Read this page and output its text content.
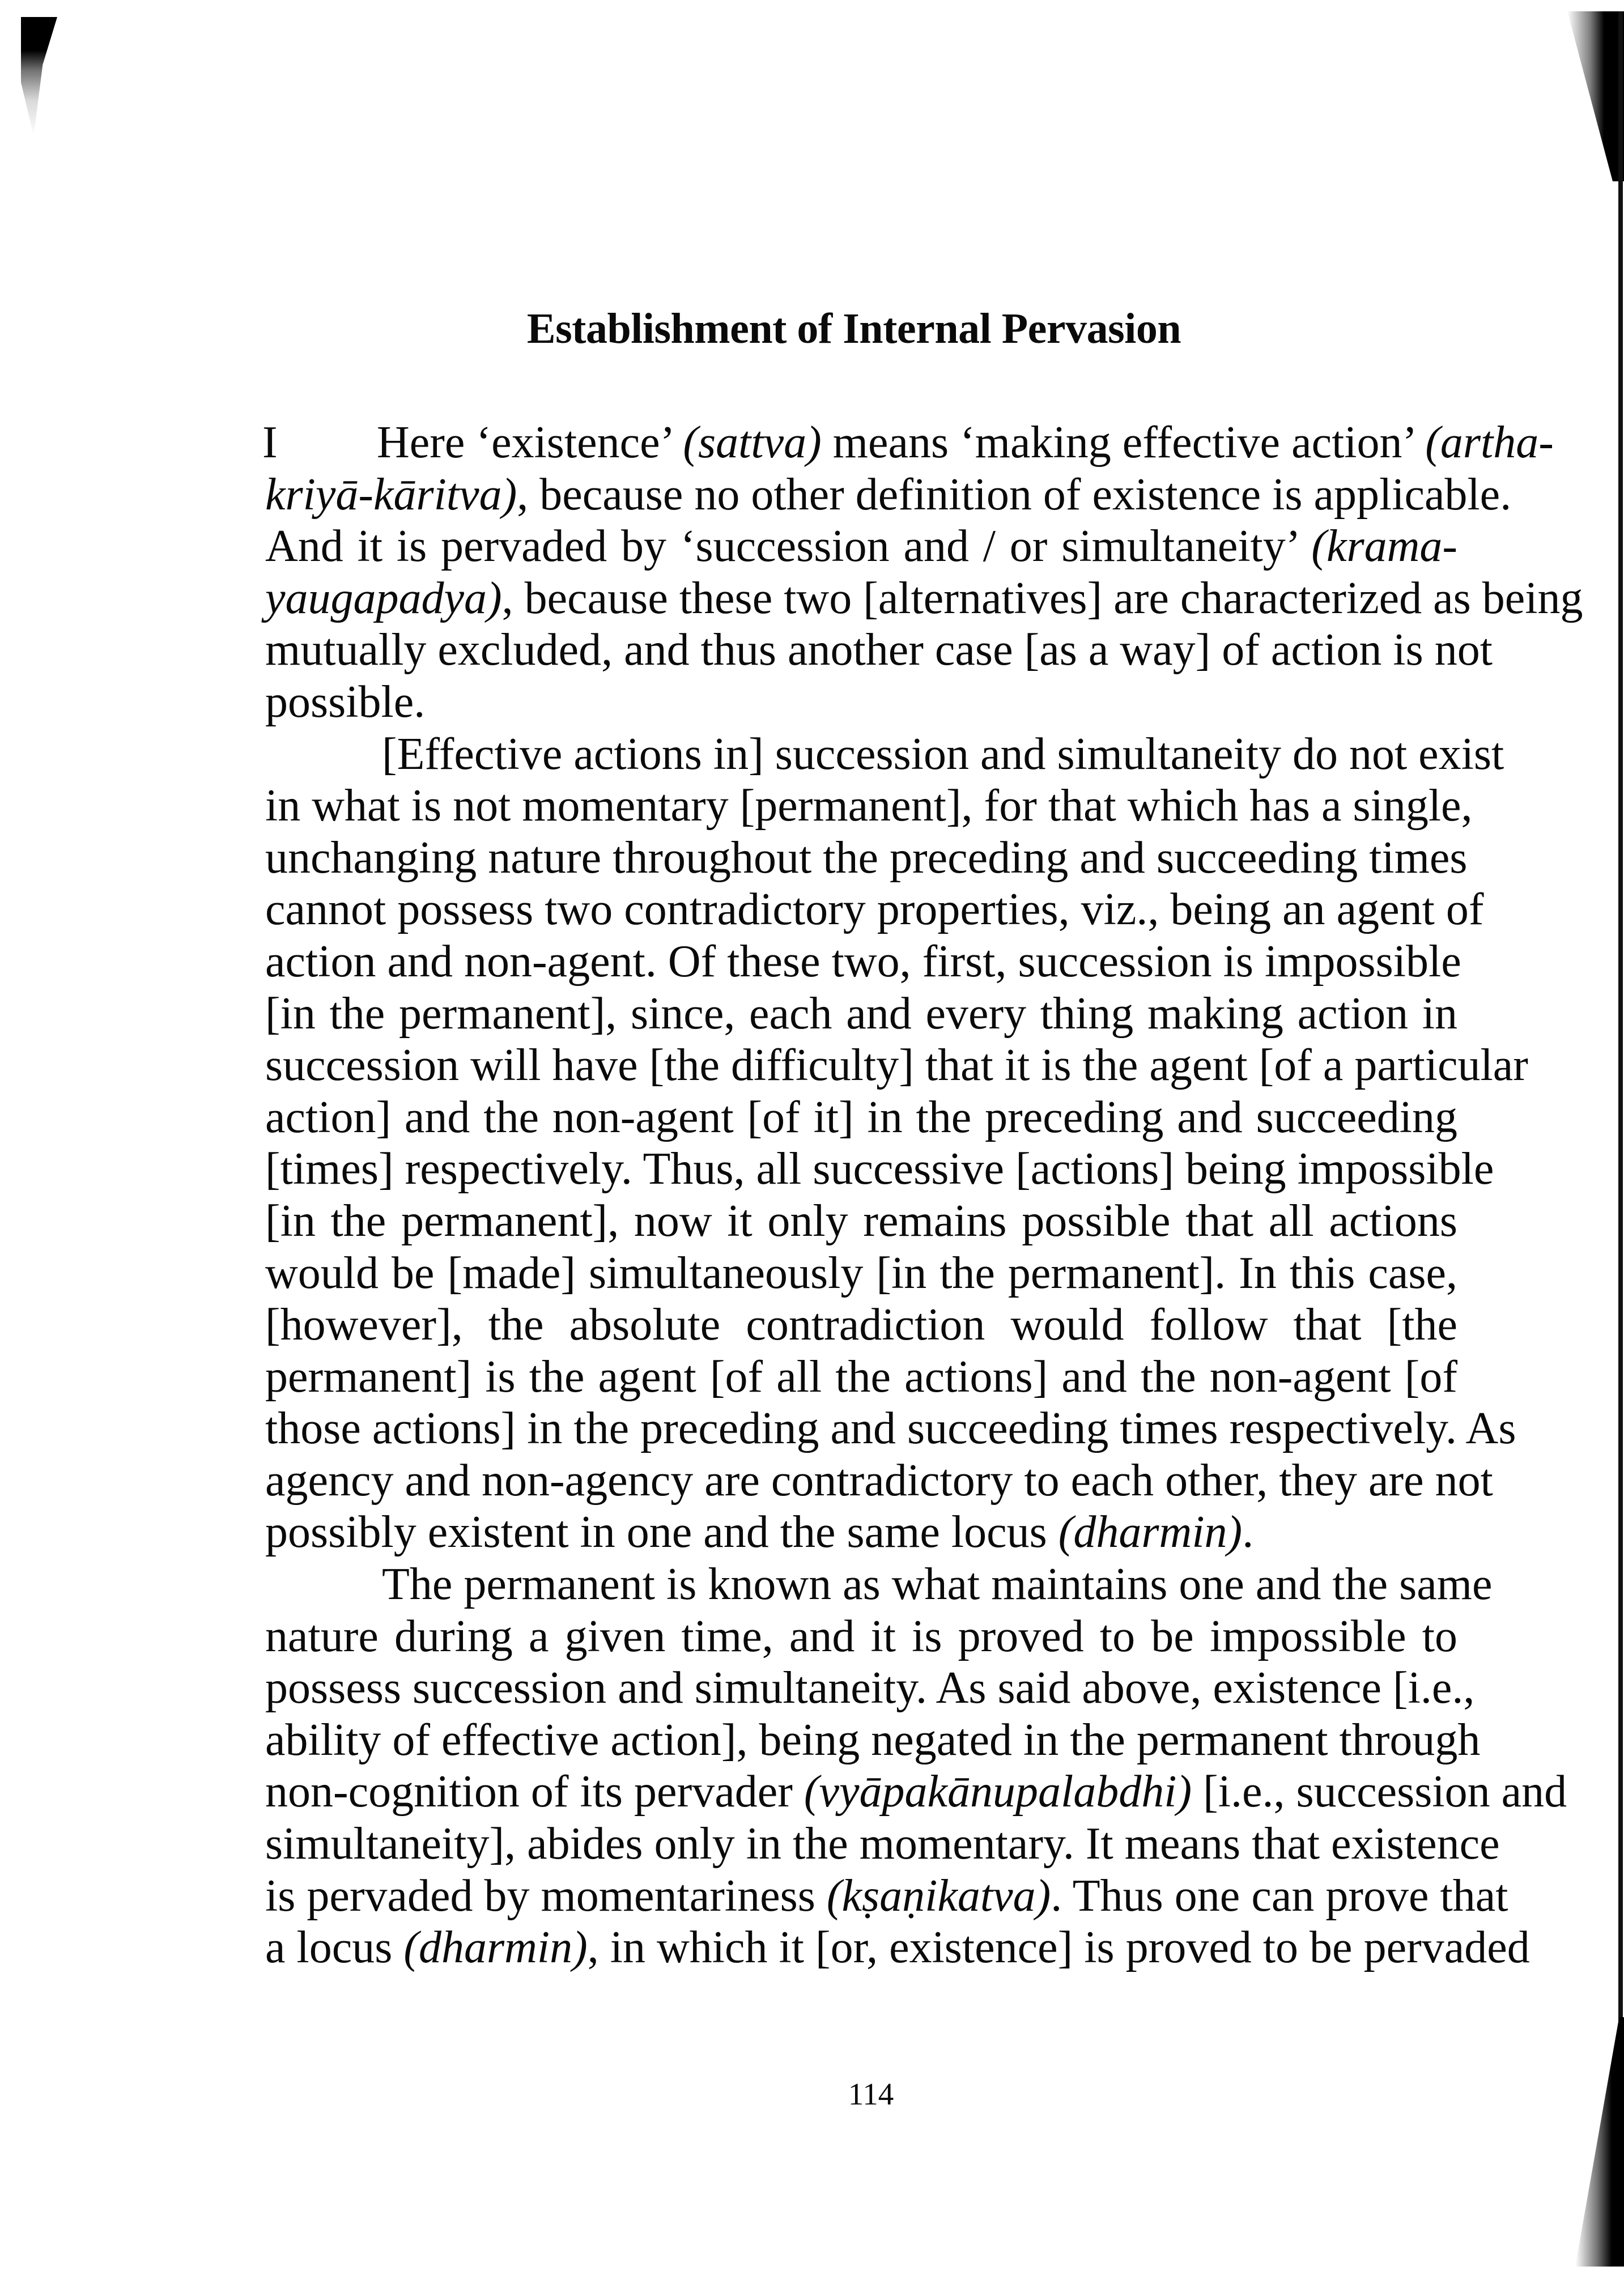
Establishment of Internal Pervasion
I Here ‘existence’ (sattva) means ‘making effective action’ (artha-
kriyā-kāritva), because no other definition of existence is applicable.
And it is pervaded by ‘succession and / or simultaneity’ (krama-
yaugapadya), because these two [alternatives] are characterized as being
mutually excluded, and thus another case [as a way] of action is not
possible.
[Effective actions in] succession and simultaneity do not exist
in what is not momentary [permanent], for that which has a single,
unchanging nature throughout the preceding and succeeding times
cannot possess two contradictory properties, viz., being an agent of
action and non-agent. Of these two, first, succession is impossible
[in the permanent], since, each and every thing making action in
succession will have [the difficulty] that it is the agent [of a particular
action] and the non-agent [of it] in the preceding and succeeding
[times] respectively. Thus, all successive [actions] being impossible
[in the permanent], now it only remains possible that all actions
would be [made] simultaneously [in the permanent]. In this case,
[however], the absolute contradiction would follow that [the
permanent] is the agent [of all the actions] and the non-agent [of
those actions] in the preceding and succeeding times respectively. As
agency and non-agency are contradictory to each other, they are not
possibly existent in one and the same locus (dharmin).
The permanent is known as what maintains one and the same
nature during a given time, and it is proved to be impossible to
possess succession and simultaneity. As said above, existence [i.e.,
ability of effective action], being negated in the permanent through
non-cognition of its pervader (vyāpakānupalabdhi) [i.e., succession and
simultaneity], abides only in the momentary. It means that existence
is pervaded by momentariness (kṣaṇikatva). Thus one can prove that
a locus (dharmin), in which it [or, existence] is proved to be pervaded
114
